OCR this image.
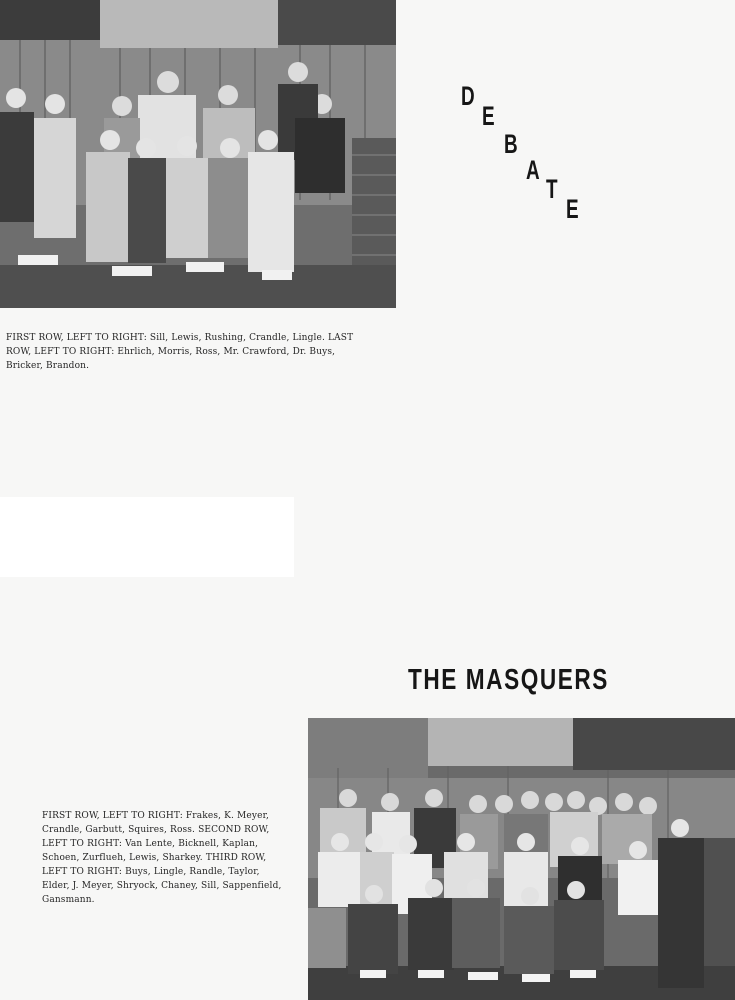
FIRST ROW, LEFT TO RIGHT: Sill, Lewis, Rushing, Crandle, Lingle. LAST ROW, LEFT TO RIGHT: Ehrlich, Morris, Ross, Mr. Crawford, Dr. Buys, Bricker, Brandon.

D
E
B
A
T
E
THE MASQUERS

FIRST ROW, LEFT TO RIGHT: Frakes, K. Meyer, Crandle, Garbutt, Squires, Ross. SECOND ROW, LEFT TO RIGHT: Van Lente, Bicknell, Kaplan, Schoen, Zurflueh, Lewis, Sharkey. THIRD ROW, LEFT TO RIGHT: Buys, Lingle, Randle, Taylor, Elder, J. Meyer, Shryock, Chaney, Sill, Sappenfield, Gansmann.
